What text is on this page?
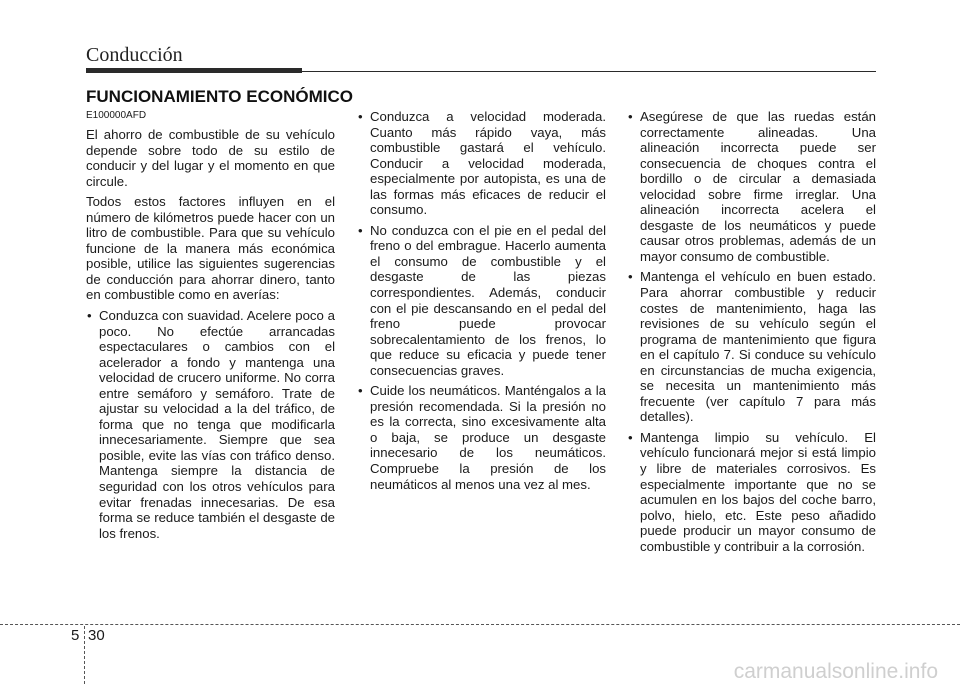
Conducción
FUNCIONAMIENTO ECONÓMICO

E100000AFD

El ahorro de combustible de su vehículo depende sobre todo de su estilo de conducir y del lugar y el momento en que circule.

Todos estos factores influyen en el número de kilómetros puede hacer con un litro de combustible. Para que su vehículo funcione de la manera más económica posible, utilice las siguientes sugerencias de conducción para ahorrar dinero, tanto en combustible como en averías:

• Conduzca con suavidad. Acelere poco a poco. No efectúe arrancadas espectaculares o cambios con el acelerador a fondo y mantenga una velocidad de crucero uniforme. No corra entre semáforo y semáforo. Trate de ajustar su velocidad a la del tráfico, de forma que no tenga que modificarla innecesariamente. Siempre que sea posible, evite las vías con tráfico denso. Mantenga siempre la distancia de seguridad con los otros vehículos para evitar frenadas innecesarias. De esa forma se reduce también el desgaste de los frenos.
• Conduzca a velocidad moderada. Cuanto más rápido vaya, más combustible gastará el vehículo. Conducir a velocidad moderada, especialmente por autopista, es una de las formas más eficaces de reducir el consumo.
• No conduzca con el pie en el pedal del freno o del embrague. Hacerlo aumenta el consumo de combustible y el desgaste de las piezas correspondientes. Además, conducir con el pie descansando en el pedal del freno puede provocar sobrecalentamiento de los frenos, lo que reduce su eficacia y puede tener consecuencias graves.
• Cuide los neumáticos. Manténgalos a la presión recomendada. Si la presión no es la correcta, sino excesivamente alta o baja, se produce un desgaste innecesario de los neumáticos. Compruebe la presión de los neumáticos al menos una vez al mes.
• Asegúrese de que las ruedas están correctamente alineadas. Una alineación incorrecta puede ser consecuencia de choques contra el bordillo o de circular a demasiada velocidad sobre firme irreglar. Una alineación incorrecta acelera el desgaste de los neumáticos y puede causar otros problemas, además de un mayor consumo de combustible.
• Mantenga el vehículo en buen estado. Para ahorrar combustible y reducir costes de mantenimiento, haga las revisiones de su vehículo según el programa de mantenimiento que figura en el capítulo 7. Si conduce su vehículo en circunstancias de mucha exigencia, se necesita un mantenimiento más frecuente (ver capítulo 7 para más detalles).
• Mantenga limpio su vehículo. El vehículo funcionará mejor si está limpio y libre de materiales corrosivos. Es especialmente importante que no se acumulen en los bajos del coche barro, polvo, hielo, etc. Este peso añadido puede producir un mayor consumo de combustible y contribuir a la corrosión.
5 30
carmanualsonline.info
